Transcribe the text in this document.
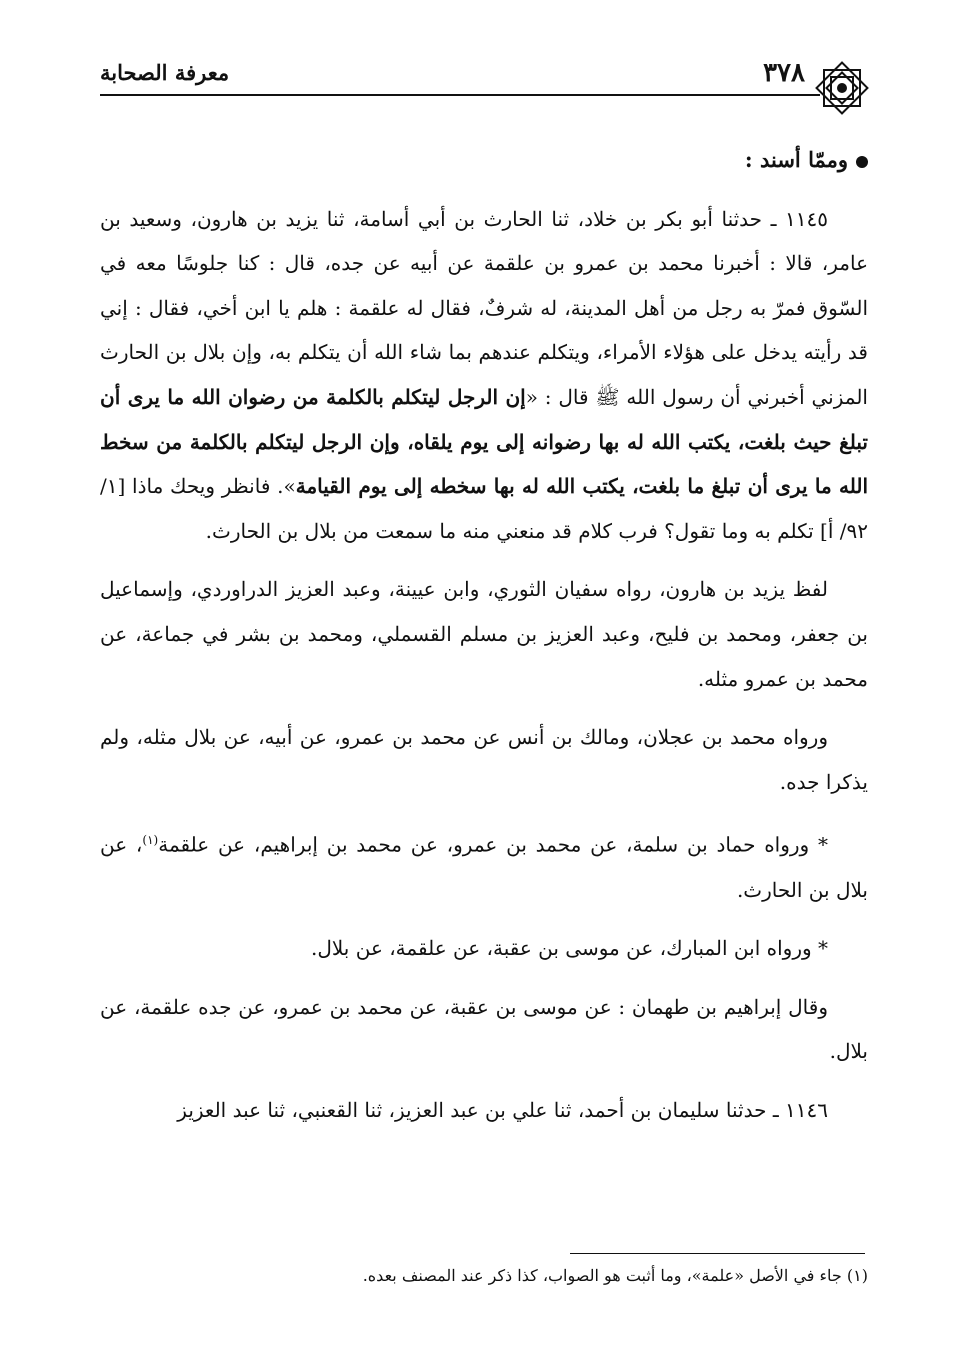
معرفة الصحابة	٣٧٨
وممّا أسند :

١١٤٥ ـ حدثنا أبو بكر بن خلاد، ثنا الحارث بن أبي أسامة، ثنا يزيد بن هارون، وسعيد بن عامر، قالا : أخبرنا محمد بن عمرو بن علقمة عن أبيه عن جده، قال : كنا جلوسًا معه في السّوق فمرّ به رجل من أهل المدينة، له شرفٌ، فقال له علقمة : هلم يا ابن أخي، فقال : إني قد رأيته يدخل على هؤلاء الأمراء، ويتكلم عندهم بما شاء الله أن يتكلم به، وإن بلال بن الحارث المزني أخبرني أن رسول الله ﷺ قال : «إن الرجل ليتكلم بالكلمة من رضوان الله ما يرى أن تبلغ حيث بلغت، يكتب الله له بها رضوانه إلى يوم يلقاه، وإن الرجل ليتكلم بالكلمة من سخط الله ما يرى أن تبلغ ما بلغت، يكتب الله له بها سخطه إلى يوم القيامة». فانظر ويحك ماذا [١/ ٩٢/ أ] تكلم به وما تقول؟ فرب كلام قد منعني منه ما سمعت من بلال بن الحارث.

لفظ يزيد بن هارون، رواه سفيان الثوري، وابن عيينة، وعبد العزيز الدراوردي، وإسماعيل بن جعفر، ومحمد بن فليح، وعبد العزيز بن مسلم القسملي، ومحمد بن بشر في جماعة، عن محمد بن عمرو مثله.

ورواه محمد بن عجلان، ومالك بن أنس عن محمد بن عمرو، عن أبيه، عن بلال مثله، ولم يذكرا جده.

* ورواه حماد بن سلمة، عن محمد بن عمرو، عن محمد بن إبراهيم، عن علقمة$^{(١)}$، عن بلال بن الحارث.

* ورواه ابن المبارك، عن موسى بن عقبة، عن علقمة، عن بلال.

وقال إبراهيم بن طهمان : عن موسى بن عقبة، عن محمد بن عمرو، عن جده علقمة، عن بلال.

١١٤٦ ـ حدثنا سليمان بن أحمد، ثنا علي بن عبد العزيز، ثنا القعنبي، ثنا عبد العزيز

(١) جاء في الأصل «علمة»، وما أثبت هو الصواب، كذا ذكر عند المصنف بعده.
